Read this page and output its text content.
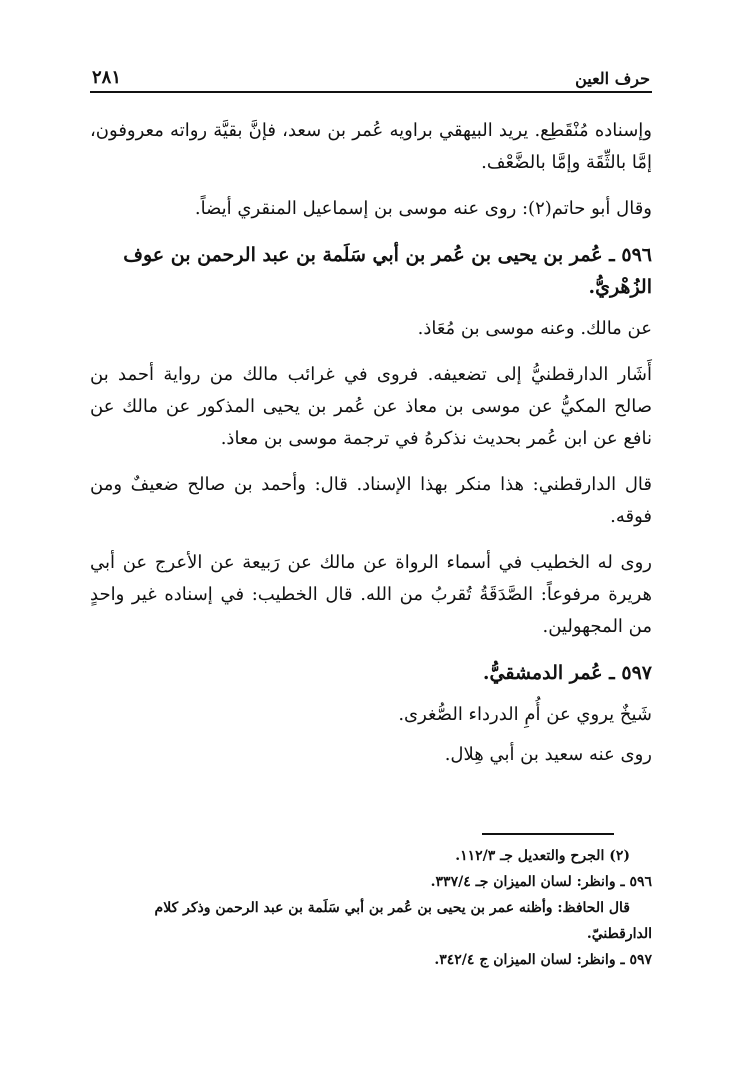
حرف العين
٢٨١

وإسناده مُنْقَطِع. يريد البيهقي براويه عُمر بن سعد، فإنَّ بقيَّة رواته معروفون، إمَّا بالثِّقَة وإمَّا بالضَّعْف.

وقال أبو حاتم(٢): روى عنه موسى بن إسماعيل المنقري أيضاً.

٥٩٦ ـ عُمر بن يحيى بن عُمر بن أبي سَلَمة بن عبد الرحمن بن عوف الزُهْريُّ.

عن مالك. وعنه موسى بن مُعَاذ.

أَشَار الدارقطنيُّ إلى تضعيفه. فروى في غرائب مالك من رواية أحمد بن صالح المكيُّ عن موسى بن معاذ عن عُمر بن يحيى المذكور عن مالك عن نافع عن ابن عُمر بحديث نذكرهُ في ترجمة موسى بن معاذ.

قال الدارقطني: هذا منكر بهذا الإسناد. قال: وأحمد بن صالح ضعيفٌ ومن فوقه.

روى له الخطيب في أسماء الرواة عن مالك عن رَبيعة عن الأعرج عن أبي هريرة مرفوعاً: الصَّدَقَةُ تُقربُ من الله. قال الخطيب: في إسناده غير واحدٍ من المجهولين.

٥٩٧ ـ عُمر الدمشقيُّ.

شَيخٌ يروي عن أُمِ الدرداء الصُّغرى.

روى عنه سعيد بن أبي هِلال.

(٢) الجرح والتعديل جـ ١١٢/٣.

٥٩٦ ـ وانظر: لسان الميزان جـ ٣٣٧/٤.

قال الحافظ: وأظنه عمر بن يحيى بن عُمر بن أبي سَلَمة بن عبد الرحمن وذكر كلام

الدارقطنيّ.

٥٩٧ ـ وانظر: لسان الميزان ج ٣٤٢/٤.
